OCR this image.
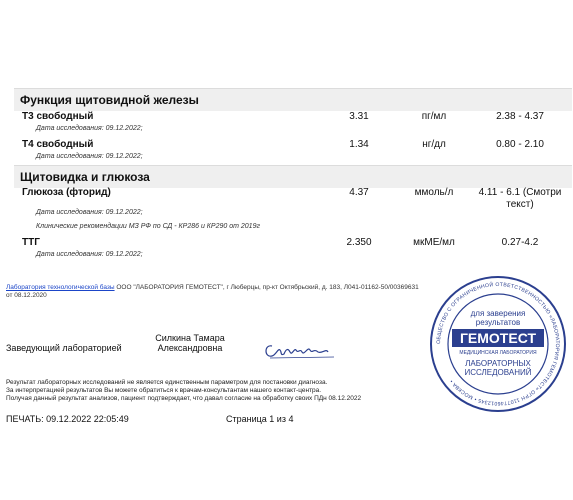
Функция щитовидной железы
Т3 свободный	3.31	пг/мл	2.38 - 4.37
Дата исследования: 09.12.2022;
Т4 свободный	1.34	нг/дл	0.80 - 2.10
Дата исследования: 09.12.2022;
Щитовидка и глюкоза
Глюкоза (фторид)	4.37	ммоль/л	4.11 - 6.1 (Смотри текст)
Дата исследования: 09.12.2022;
Клинические рекомендации МЗ РФ по СД - КР286 и КР290 от 2019г
ТТГ	2.350	мкМЕ/мл	0.27-4.2
Дата исследования: 09.12.2022;
Лаборатория технологической базы ООО "ЛАБОРАТОРИЯ ГЕМОТЕСТ", г Люберцы, пр-кт Октябрьский, д. 183, Л041-01162-50/00369631 от 08.12.2020
Заведующий лабораторией
Силкина Тамара
Александровна
Результат лабораторных исследований не является единственным параметром для постановки диагноза.
За интерпретацией результатов Вы можете обратиться к врачам-консультантам нашего контакт-центра.
Получая данный результат анализов, пациент подтверждает, что давал согласие на обработку своих ПДн 08.12.2022
ПЕЧАТЬ: 09.12.2022 22:05:49	Страница 1 из 4
ОБЩЕСТВО С ОГРАНИЧЕННОЙ ОТВЕТСТВЕННОСТЬЮ «ЛАБОРАТОРИЯ ГЕМОТЕСТ» ОГРН 1107746012345 • МОСКВА •
для заверения
результатов
ГЕМОТЕСТ
МЕДИЦИНСКАЯ ЛАБОРАТОРИЯ
ЛАБОРАТОРНЫХ
ИССЛЕДОВАНИЙ
